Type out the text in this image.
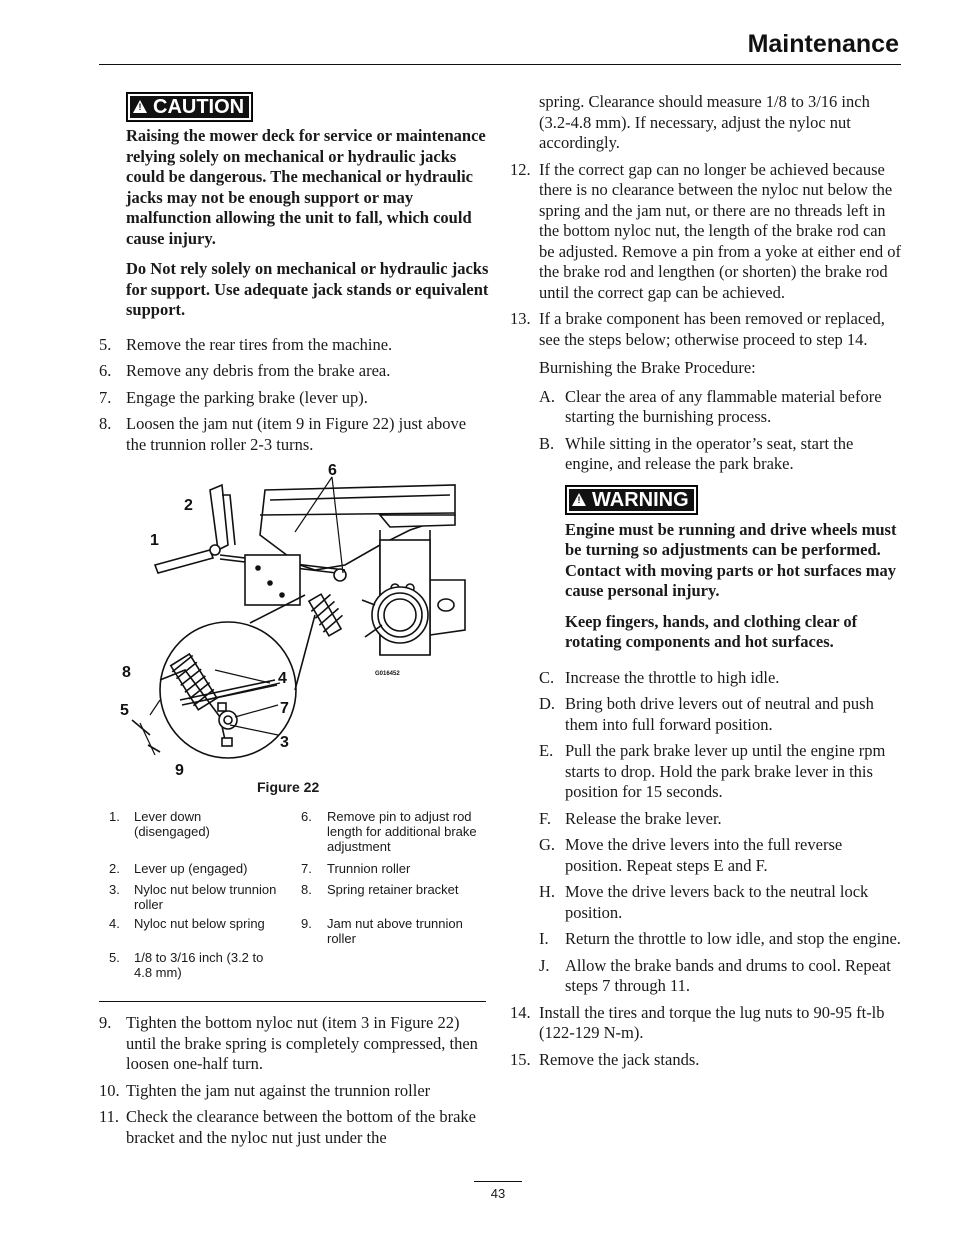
Maintenance
! CAUTION

Raising the mower deck for service or maintenance relying solely on mechanical or hydraulic jacks could be dangerous. The mechanical or hydraulic jacks may not be enough support or may malfunction allowing the unit to fall, which could cause injury.

Do Not rely solely on mechanical or hydraulic jacks for support. Use adequate jack stands or equivalent support.

5. Remove the rear tires from the machine.
6. Remove any debris from the brake area.
7. Engage the parking brake (lever up).
8. Loosen the jam nut (item 9 in Figure 22) just above the trunnion roller 2-3 turns.
6
2
1
8	4
5	7
3
9
G016452
Figure 22
1. Lever down (disengaged)
2. Lever up (engaged)
3. Nyloc nut below trunnion roller
4. Nyloc nut below spring
5. 1/8 to 3/16 inch (3.2 to 4.8 mm)
6. Remove pin to adjust rod length for additional brake adjustment
7. Trunnion roller
8. Spring retainer bracket
9. Jam nut above trunnion roller
9. Tighten the bottom nyloc nut (item 3 in Figure 22) until the brake spring is completely compressed, then loosen one-half turn.
10. Tighten the jam nut against the trunnion roller
11. Check the clearance between the bottom of the brake bracket and the nyloc nut just under the
spring. Clearance should measure 1/8 to 3/16 inch (3.2-4.8 mm). If necessary, adjust the nyloc nut accordingly.
12. If the correct gap can no longer be achieved because there is no clearance between the nyloc nut below the spring and the jam nut, or there are no threads left in the bottom nyloc nut, the length of the brake rod can be adjusted. Remove a pin from a yoke at either end of the brake rod and lengthen (or shorten) the brake rod until the correct gap can be achieved.
13. If a brake component has been removed or replaced, see the steps below; otherwise proceed to step 14.
Burnishing the Brake Procedure:
A. Clear the area of any flammable material before starting the burnishing process.
B. While sitting in the operator’s seat, start the engine, and release the park brake.
! WARNING

Engine must be running and drive wheels must be turning so adjustments can be performed. Contact with moving parts or hot surfaces may cause personal injury.

Keep fingers, hands, and clothing clear of rotating components and hot surfaces.

C. Increase the throttle to high idle.
D. Bring both drive levers out of neutral and push them into full forward position.
E. Pull the park brake lever up until the engine rpm starts to drop. Hold the park brake lever in this position for 15 seconds.
F. Release the brake lever.
G. Move the drive levers into the full reverse position. Repeat steps E and F.
H. Move the drive levers back to the neutral lock position.
I. Return the throttle to low idle, and stop the engine.
J. Allow the brake bands and drums to cool. Repeat steps 7 through 11.
14. Install the tires and torque the lug nuts to 90-95 ft-lb (122-129 N-m).
15. Remove the jack stands.
43
